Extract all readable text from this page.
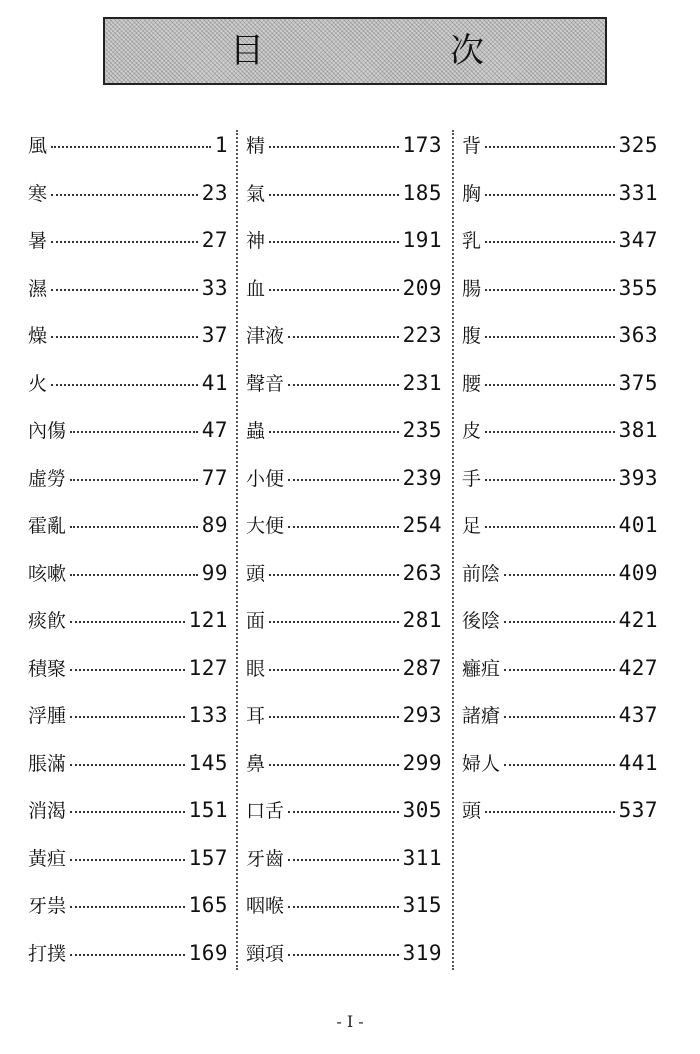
目	次
風	1
寒	23
暑	27
濕	33
燥	37
火	41
內傷	47
虛勞	77
霍亂	89
咳嗽	99
痰飮	121
積聚	127
浮腫	133
脹滿	145
消渴	151
黃疸	157
牙祟	165
打撲	169
精	173
氣	185
神	191
血	209
津液	223
聲音	231
蟲	235
小便	239
大便	254
頭	263
面	281
眼	287
耳	293
鼻	299
口舌	305
牙齒	311
咽喉	315
頸項	319
背	325
胸	331
乳	347
腸	355
腹	363
腰	375
皮	381
手	393
足	401
前陰	409
後陰	421
癰疽	427
諸瘡	437
婦人	441
頭	537
- I -
